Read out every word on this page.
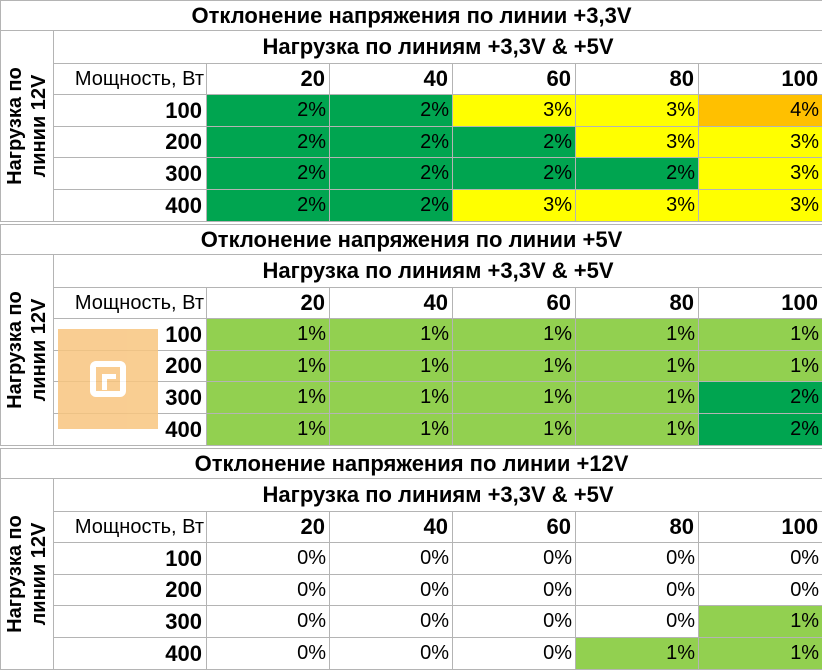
Отклонение напряжения по линии +3,3V						

Нагрузка по линии 12V	Нагрузка по линиям +3,3V & +5V					
	Мощность, Вт	20	40	60	80	100
	100	2%	2%	3%	3%	4%
	200	2%	2%	2%	3%	3%
	300	2%	2%	2%	2%	3%
	400	2%	2%	3%	3%	3%
Отклонение напряжения по линии +5V						

Нагрузка по линии 12V	Нагрузка по линиям +3,3V & +5V					
	Мощность, Вт	20	40	60	80	100
	100	1%	1%	1%	1%	1%
	200	1%	1%	1%	1%	1%
	300	1%	1%	1%	1%	2%
	400	1%	1%	1%	1%	2%
Отклонение напряжения по линии +12V						

Нагрузка по линии 12V	Нагрузка по линиям +3,3V & +5V					
	Мощность, Вт	20	40	60	80	100
	100	0%	0%	0%	0%	0%
	200	0%	0%	0%	0%	0%
	300	0%	0%	0%	0%	1%
	400	0%	0%	0%	1%	1%
